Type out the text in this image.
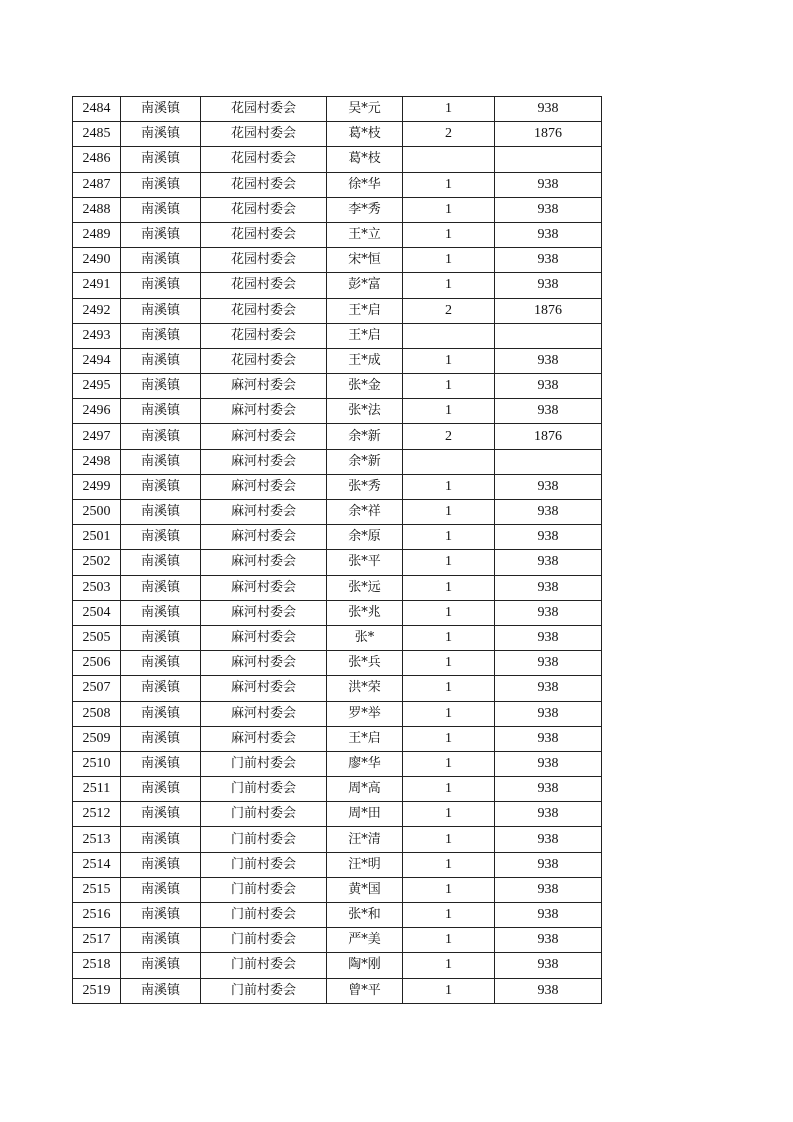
2484	南溪镇	花园村委会	吴*元	1	938
2485	南溪镇	花园村委会	葛*枝	2	1876
2486	南溪镇	花园村委会	葛*枝		
2487	南溪镇	花园村委会	徐*华	1	938
2488	南溪镇	花园村委会	李*秀	1	938
2489	南溪镇	花园村委会	王*立	1	938
2490	南溪镇	花园村委会	宋*恒	1	938
2491	南溪镇	花园村委会	彭*富	1	938
2492	南溪镇	花园村委会	王*启	2	1876
2493	南溪镇	花园村委会	王*启		
2494	南溪镇	花园村委会	王*成	1	938
2495	南溪镇	麻河村委会	张*金	1	938
2496	南溪镇	麻河村委会	张*法	1	938
2497	南溪镇	麻河村委会	余*新	2	1876
2498	南溪镇	麻河村委会	余*新		
2499	南溪镇	麻河村委会	张*秀	1	938
2500	南溪镇	麻河村委会	余*祥	1	938
2501	南溪镇	麻河村委会	余*原	1	938
2502	南溪镇	麻河村委会	张*平	1	938
2503	南溪镇	麻河村委会	张*远	1	938
2504	南溪镇	麻河村委会	张*兆	1	938
2505	南溪镇	麻河村委会	张*	1	938
2506	南溪镇	麻河村委会	张*兵	1	938
2507	南溪镇	麻河村委会	洪*荣	1	938
2508	南溪镇	麻河村委会	罗*举	1	938
2509	南溪镇	麻河村委会	王*启	1	938
2510	南溪镇	门前村委会	廖*华	1	938
2511	南溪镇	门前村委会	周*高	1	938
2512	南溪镇	门前村委会	周*田	1	938
2513	南溪镇	门前村委会	汪*清	1	938
2514	南溪镇	门前村委会	汪*明	1	938
2515	南溪镇	门前村委会	黄*国	1	938
2516	南溪镇	门前村委会	张*和	1	938
2517	南溪镇	门前村委会	严*美	1	938
2518	南溪镇	门前村委会	陶*刚	1	938
2519	南溪镇	门前村委会	曾*平	1	938
